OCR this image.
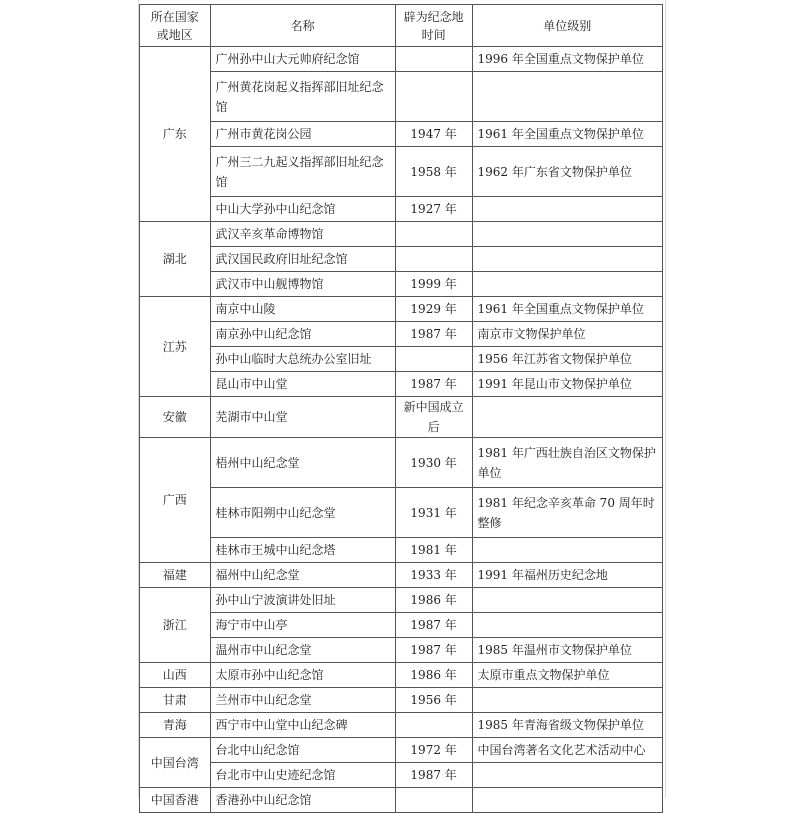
所在国家或地区	名称	辟为纪念地时间	单位级别
广东	广州孙中山大元帅府纪念馆		1996 年全国重点文物保护单位
	广州黄花岗起义指挥部旧址纪念馆		
	广州市黄花岗公园	1947 年	1961 年全国重点文物保护单位
	广州三二九起义指挥部旧址纪念馆	1958 年	1962 年广东省文物保护单位
	中山大学孙中山纪念馆	1927 年	
湖北	武汉辛亥革命博物馆		
	武汉国民政府旧址纪念馆		
	武汉市中山舰博物馆	1999 年	
江苏	南京中山陵	1929 年	1961 年全国重点文物保护单位
	南京孙中山纪念馆	1987 年	南京市文物保护单位
	孙中山临时大总统办公室旧址		1956 年江苏省文物保护单位
	昆山市中山堂	1987 年	1991 年昆山市文物保护单位
安徽	芜湖市中山堂	新中国成立后	
广西	梧州中山纪念堂	1930 年	1981 年广西壮族自治区文物保护单位
	桂林市阳朔中山纪念堂	1931 年	1981 年纪念辛亥革命 70 周年时整修
	桂林市王城中山纪念塔	1981 年	
福建	福州中山纪念堂	1933 年	1991 年福州历史纪念地
浙江	孙中山宁波演讲处旧址	1986 年	
	海宁市中山亭	1987 年	
	温州市中山纪念堂	1987 年	1985 年温州市文物保护单位
山西	太原市孙中山纪念馆	1986 年	太原市重点文物保护单位
甘肃	兰州市中山纪念堂	1956 年	
青海	西宁市中山堂中山纪念碑		1985 年青海省级文物保护单位
中国台湾	台北中山纪念馆	1972 年	中国台湾著名文化艺术活动中心
	台北市中山史迹纪念馆	1987 年	
中国香港	香港孙中山纪念馆		
